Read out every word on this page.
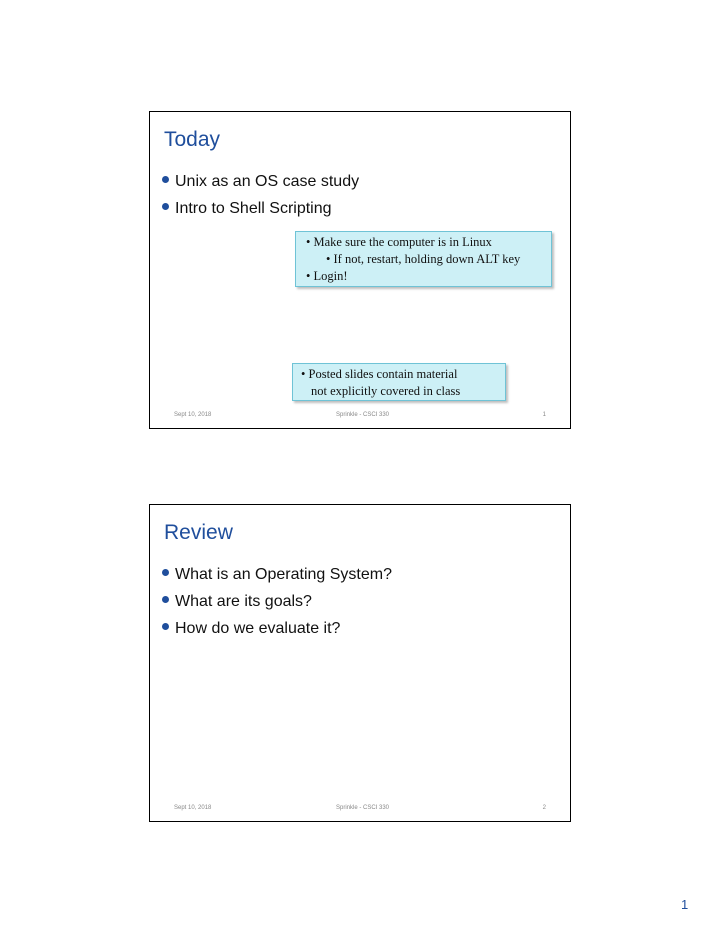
Today
Unix as an OS case study
Intro to Shell Scripting
• Make sure the computer is in Linux
• If not, restart, holding down ALT key
• Login!
• Posted slides contain material
not explicitly covered in class
Sept 10, 2018	Sprinkle - CSCI 330	1
Review
What is an Operating System?
What are its goals?
How do we evaluate it?
Sept 10, 2018	Sprinkle - CSCI 330	2
1
